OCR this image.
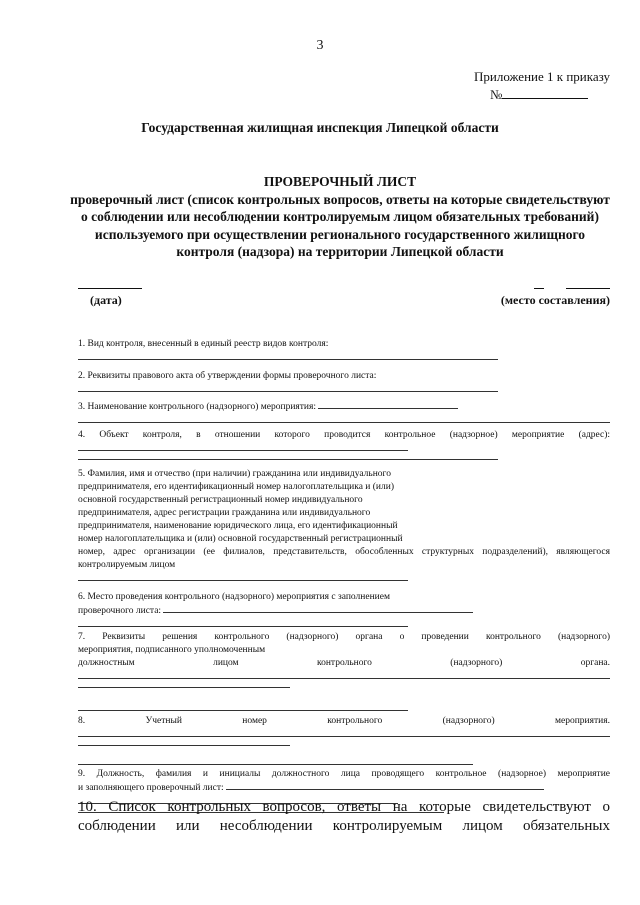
3
Приложение 1 к приказу
№
Государственная жилищная инспекция Липецкой области
ПРОВЕРОЧНЫЙ ЛИСТ
проверочный лист (список контрольных вопросов, ответы на которые свидетельствуют о соблюдении или несоблюдении контролируемым лицом обязательных требований) используемого при осуществлении регионального государственного жилищного контроля (надзора) на территории Липецкой области
(дата)	(место составления)

1. Вид контроля, внесенный в единый реестр видов контроля:

2. Реквизиты правового акта об утверждении формы проверочного листа:

3. Наименование контрольного (надзорного) мероприятия:

4. Объект контроля, в отношении которого проводится контрольное (надзорное) мероприятие (адрес):

5. Фамилия, имя и отчество (при наличии) гражданина или индивидуального
предпринимателя, его идентификационный номер налогоплательщика и (или)
основной государственный регистрационный номер индивидуального
предпринимателя, адрес регистрации гражданина или индивидуального
предпринимателя, наименование юридического лица, его идентификационный
номер налогоплательщика и (или) основной государственный регистрационный

номер, адрес организации (ее филиалов, представительств, обособленных структурных подразделений), являющегося контролируемым лицом

6. Место проведения контрольного (надзорного) мероприятия с заполнением
проверочного листа:
7. Реквизиты решения контрольного (надзорного) органа о проведении контрольного (надзорного)
мероприятия, подписанного уполномоченным
должностным лицом контрольного (надзорного) органа.
8. Учетный номер контрольного (надзорного) мероприятия.
9. Должность, фамилия и инициалы должностного лица проводящего контрольное (надзорное) мероприятие
и заполняющего проверочный лист:
10. Список контрольных вопросов, ответы на которые свидетельствуют о соблюдении или несоблюдении контролируемым лицом обязательных
